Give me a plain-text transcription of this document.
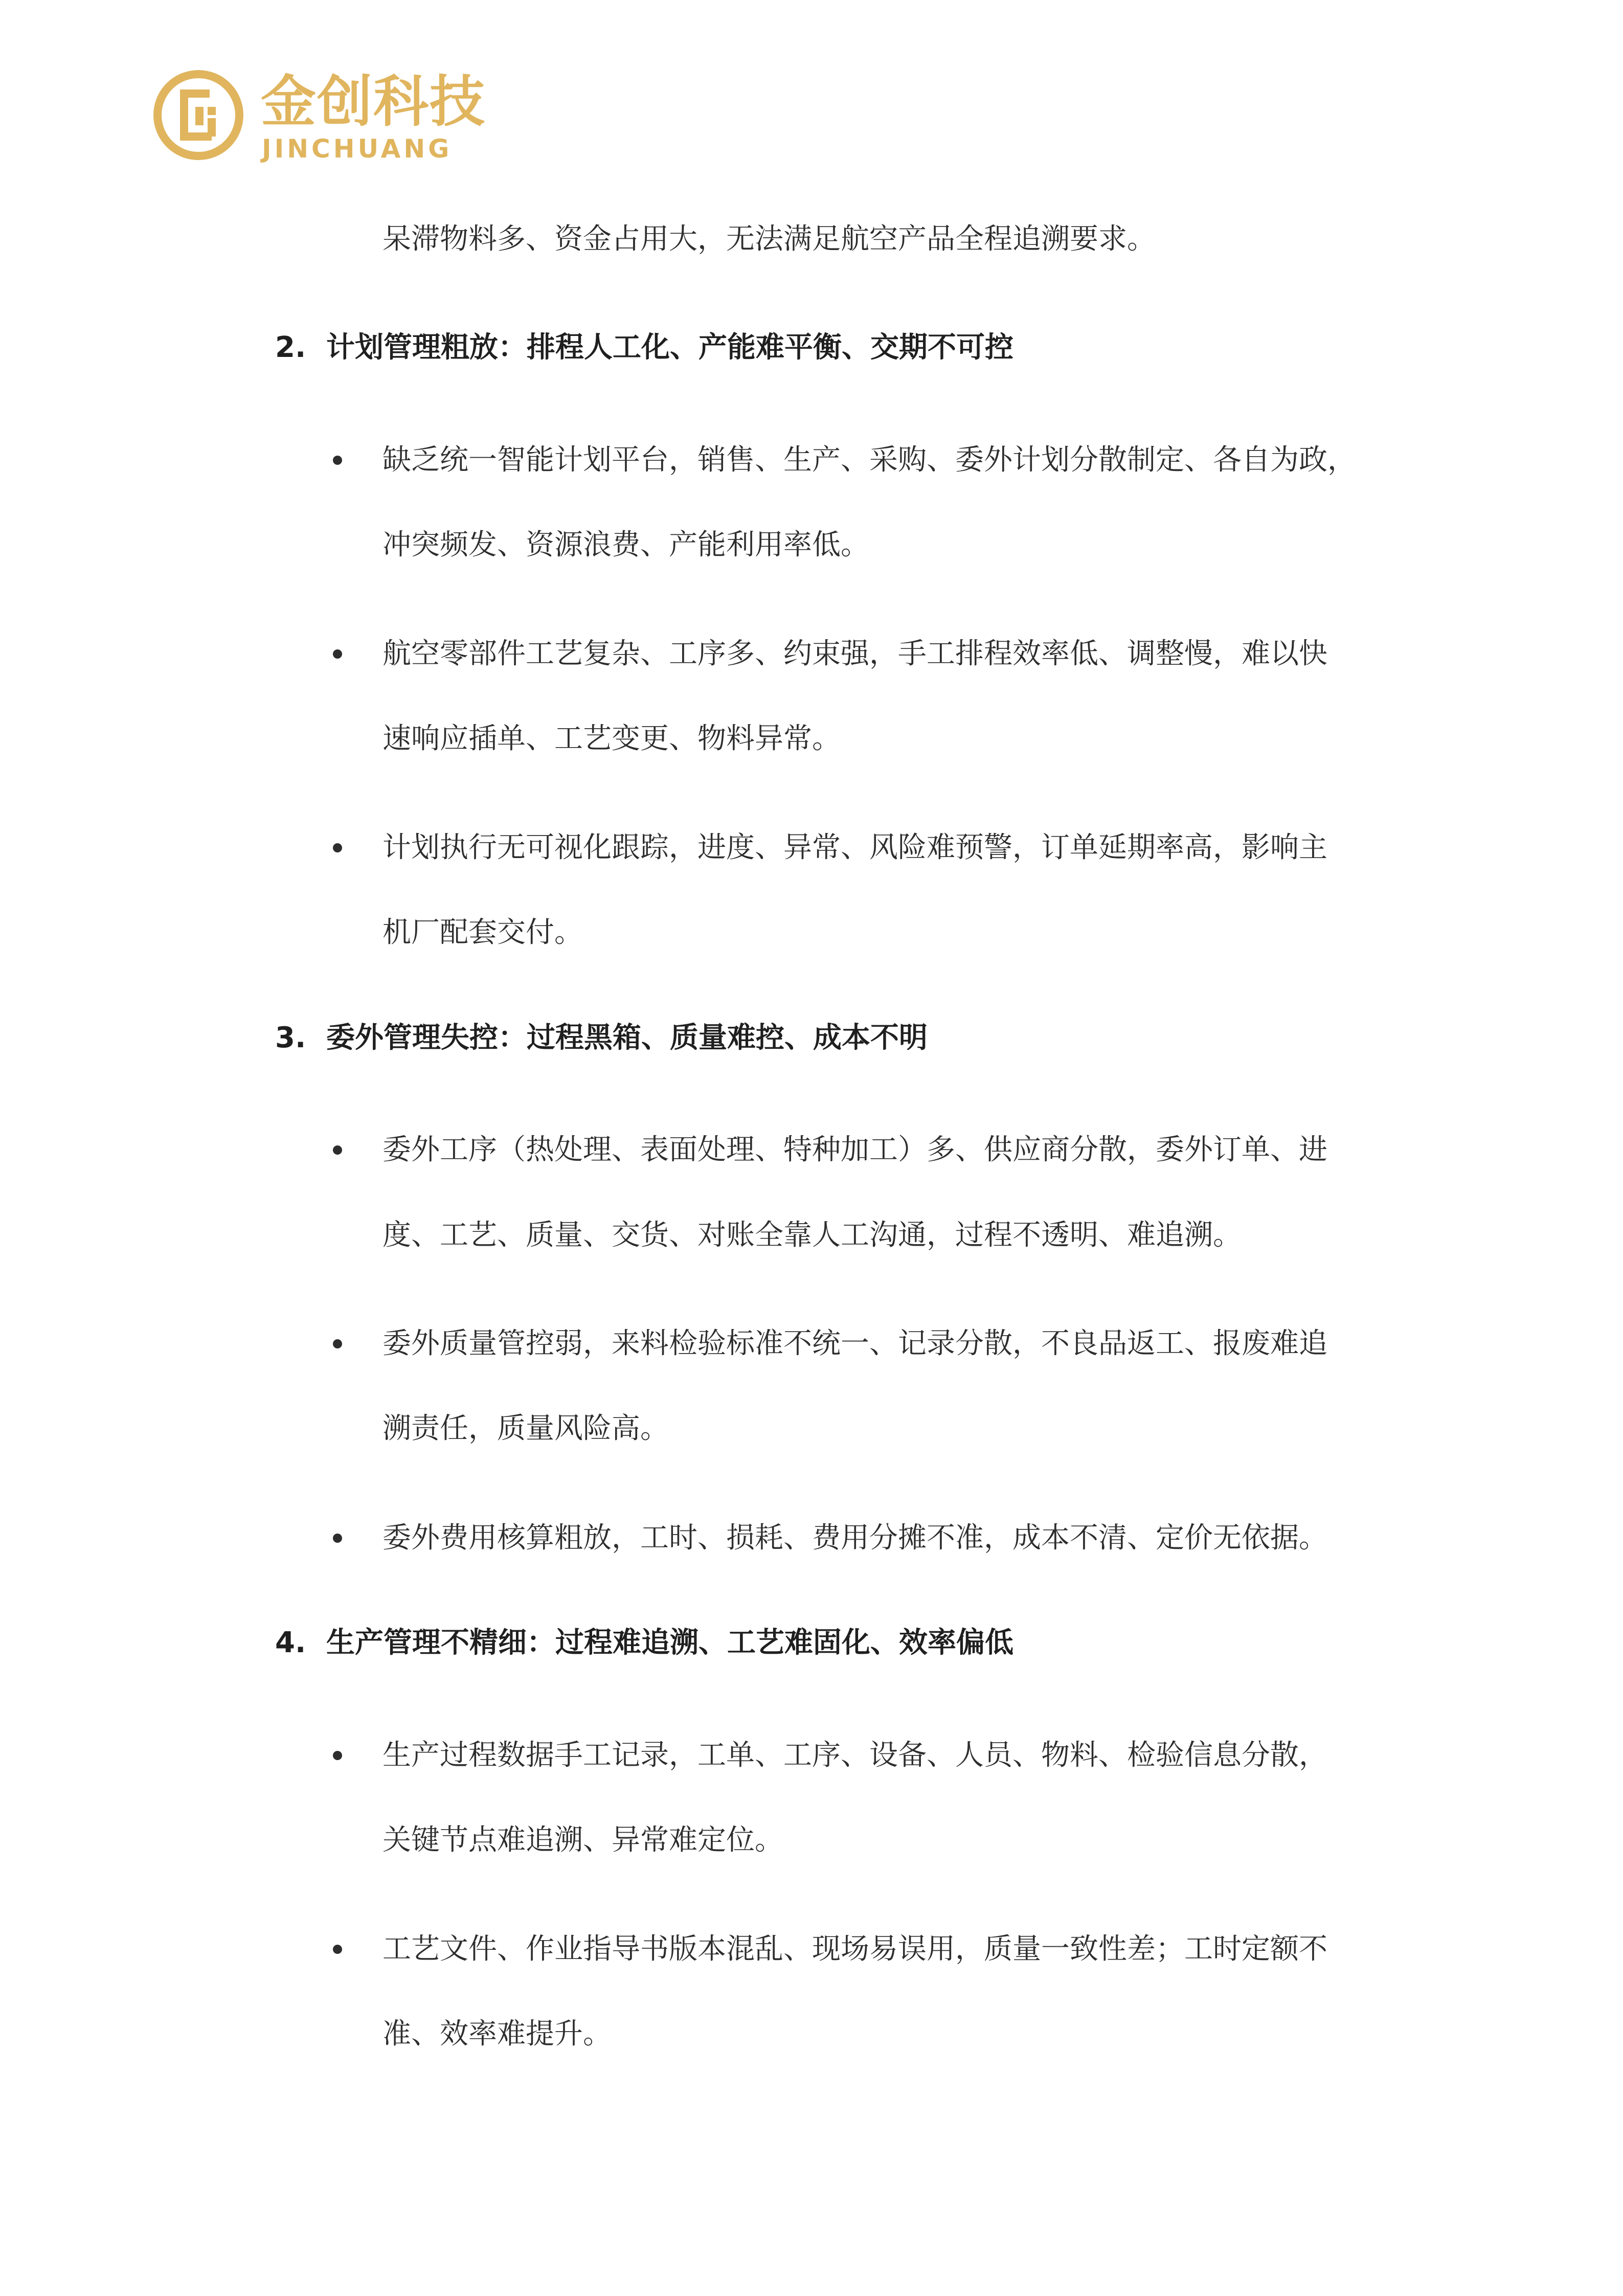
金创科技
JINCHUANG
呆滞物料多、资金占用大，无法满足航空产品全程追溯要求。
2. 计划管理粗放：排程人工化、产能难平衡、交期不可控
缺乏统一智能计划平台，销售、生产、采购、委外计划分散制定、各自为政，
冲突频发、资源浪费、产能利用率低。
航空零部件工艺复杂、工序多、约束强，手工排程效率低、调整慢，难以快
速响应插单、工艺变更、物料异常。
计划执行无可视化跟踪，进度、异常、风险难预警，订单延期率高，影响主
机厂配套交付。
3. 委外管理失控：过程黑箱、质量难控、成本不明
委外工序（热处理、表面处理、特种加工）多、供应商分散，委外订单、进
度、工艺、质量、交货、对账全靠人工沟通，过程不透明、难追溯。
委外质量管控弱，来料检验标准不统一、记录分散，不良品返工、报废难追
溯责任，质量风险高。
委外费用核算粗放，工时、损耗、费用分摊不准，成本不清、定价无依据。
4. 生产管理不精细：过程难追溯、工艺难固化、效率偏低
生产过程数据手工记录，工单、工序、设备、人员、物料、检验信息分散，
关键节点难追溯、异常难定位。
工艺文件、作业指导书版本混乱、现场易误用，质量一致性差；工时定额不
准、效率难提升。
